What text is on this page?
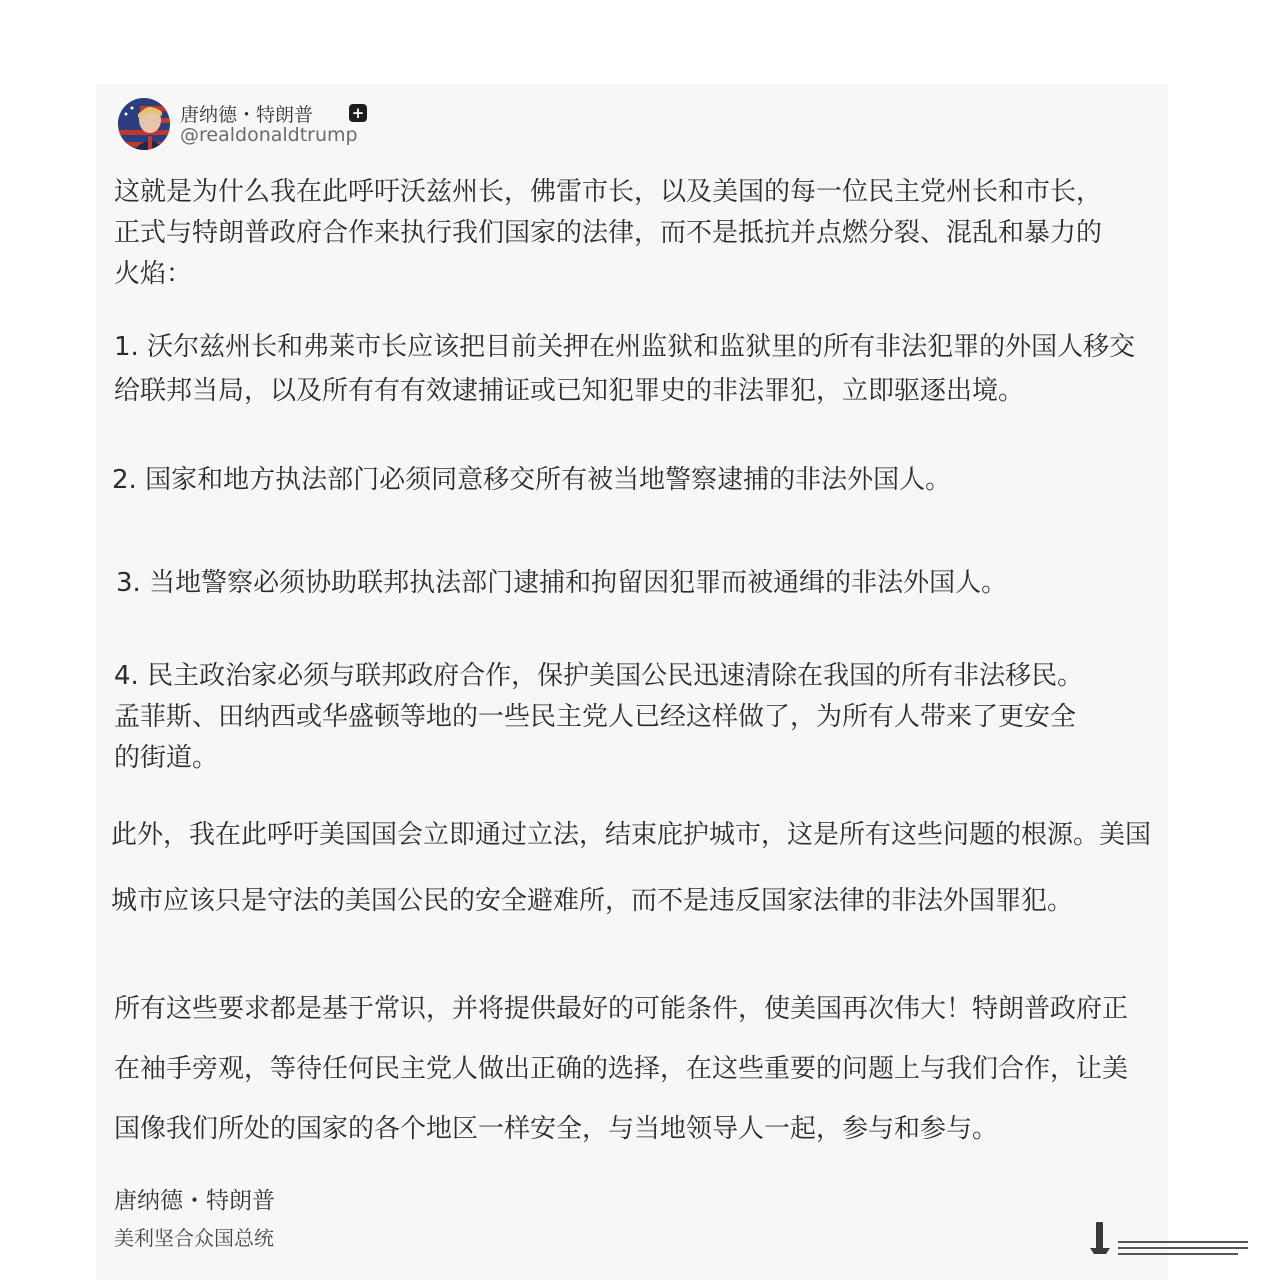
唐纳德・特朗普
@realdonaldtrump
+
这就是为什么我在此呼吁沃兹州长，佛雷市长，以及美国的每一位民主党州长和市长，
正式与特朗普政府合作来执行我们国家的法律，而不是抵抗并点燃分裂、混乱和暴力的
火焰：
1. 沃尔兹州长和弗莱市长应该把目前关押在州监狱和监狱里的所有非法犯罪的外国人移交
给联邦当局，以及所有有有效逮捕证或已知犯罪史的非法罪犯，立即驱逐出境。
2. 国家和地方执法部门必须同意移交所有被当地警察逮捕的非法外国人。
3. 当地警察必须协助联邦执法部门逮捕和拘留因犯罪而被通缉的非法外国人。
4. 民主政治家必须与联邦政府合作，保护美国公民迅速清除在我国的所有非法移民。
孟菲斯、田纳西或华盛顿等地的一些民主党人已经这样做了，为所有人带来了更安全
的街道。
此外，我在此呼吁美国国会立即通过立法，结束庇护城市，这是所有这些问题的根源。美国
城市应该只是守法的美国公民的安全避难所，而不是违反国家法律的非法外国罪犯。
所有这些要求都是基于常识，并将提供最好的可能条件，使美国再次伟大！特朗普政府正
在袖手旁观，等待任何民主党人做出正确的选择，在这些重要的问题上与我们合作，让美
国像我们所处的国家的各个地区一样安全，与当地领导人一起，参与和参与。
唐纳德・特朗普
美利坚合众国总统
